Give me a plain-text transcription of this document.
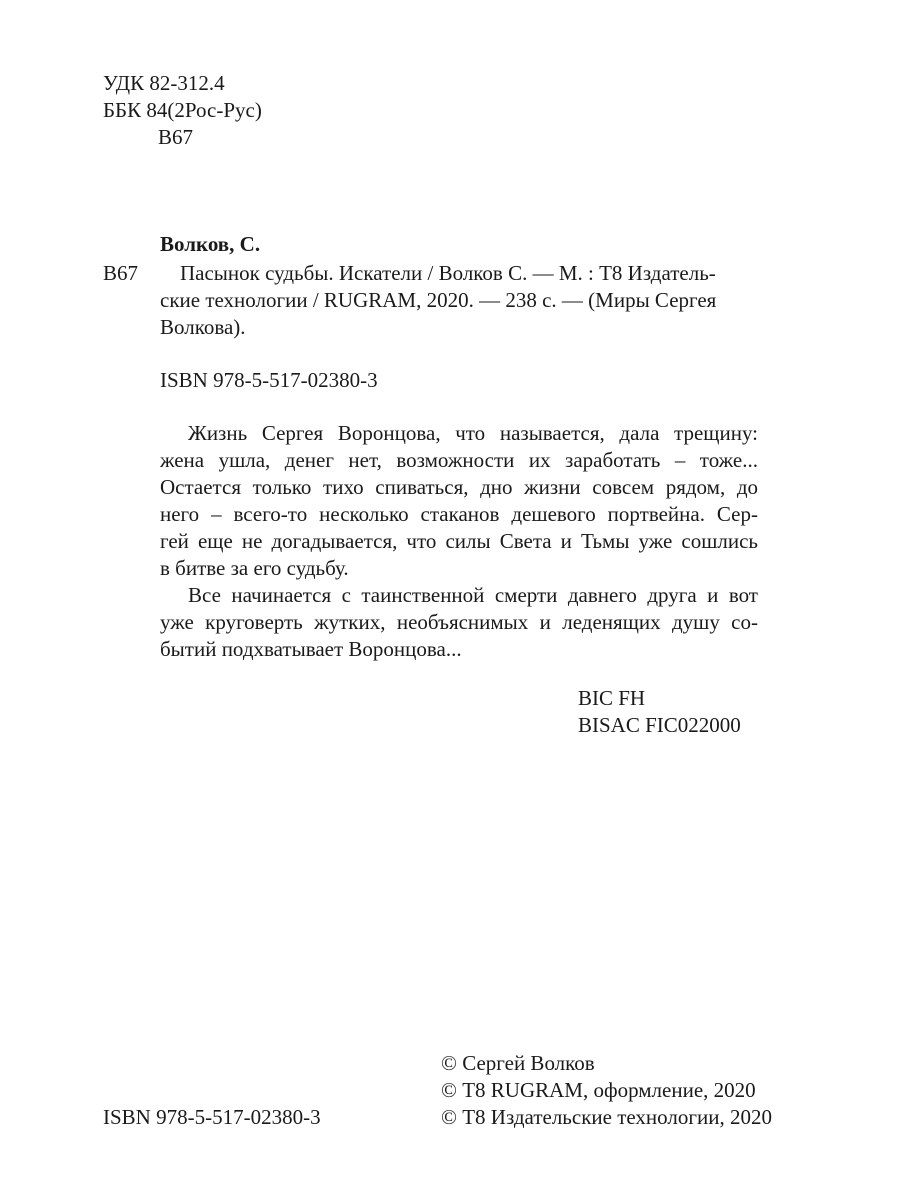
УДК 82-312.4
ББК 84(2Рос-Рус)
В67
Волков, С.
В67	Пасынок судьбы. Искатели / Волков С. — М. : Т8 Издатель-
ские технологии / RUGRAM, 2020. — 238 с. — (Миры Сергея
Волкова).
ISBN 978-5-517-02380-3
Жизнь Сергея Воронцова, что называется, дала трещину:
жена ушла, денег нет, возможности их заработать – тоже...
Остается только тихо спиваться, дно жизни совсем рядом, до
него – всего-то несколько стаканов дешевого портвейна. Сер-
гей еще не догадывается, что силы Света и Тьмы уже сошлись
в битве за его судьбу.
Все начинается с таинственной смерти давнего друга и вот
уже круговерть жутких, необъяснимых и леденящих душу со-
бытий подхватывает Воронцова...
BIC FH
BISAC FIC022000
ISBN 978-5-517-02380-3
© Сергей Волков
© Т8 RUGRAM, оформление, 2020
© Т8 Издательские технологии, 2020
